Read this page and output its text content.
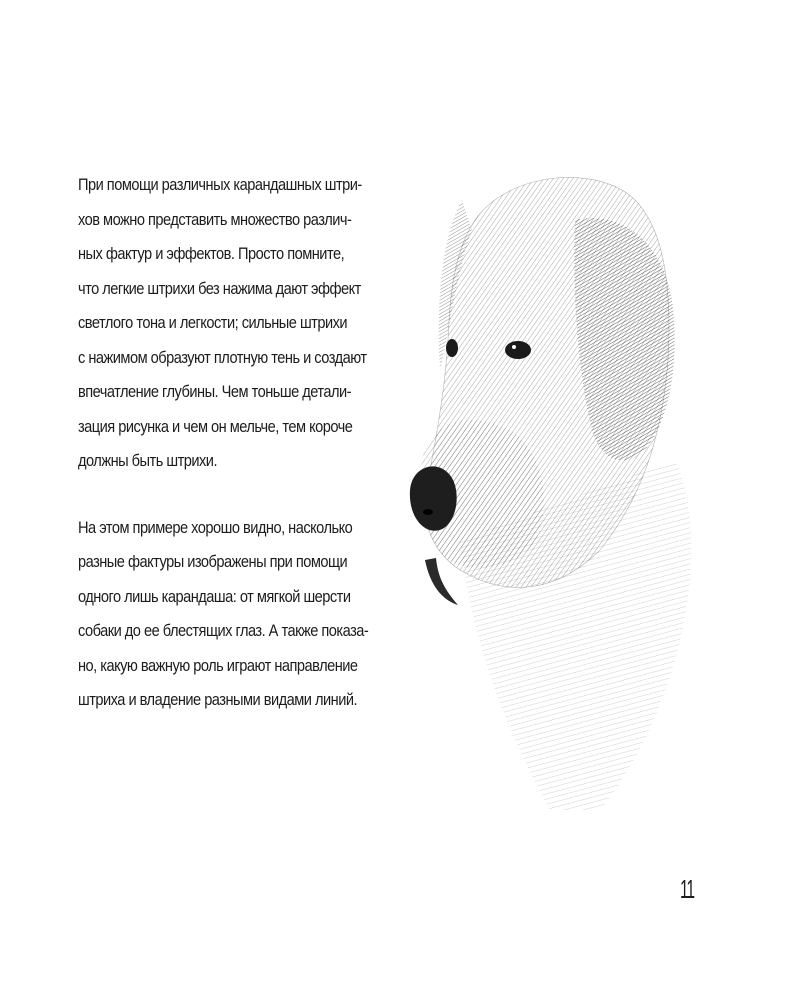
При помощи различных карандашных штри-
хов можно представить множество различ-
ных фактур и эффектов. Просто помните,
что легкие штрихи без нажима дают эффект
светлого тона и легкости; сильные штрихи
с нажимом образуют плотную тень и создают
впечатление глубины. Чем тоньше детали-
зация рисунка и чем он мельче, тем короче
должны быть штрихи.

На этом примере хорошо видно, насколько
разные фактуры изображены при помощи
одного лишь карандаша: от мягкой шерсти
собаки до ее блестящих глаз. А также показа-
но, какую важную роль играют направление
штриха и владение разными видами линий.

11
